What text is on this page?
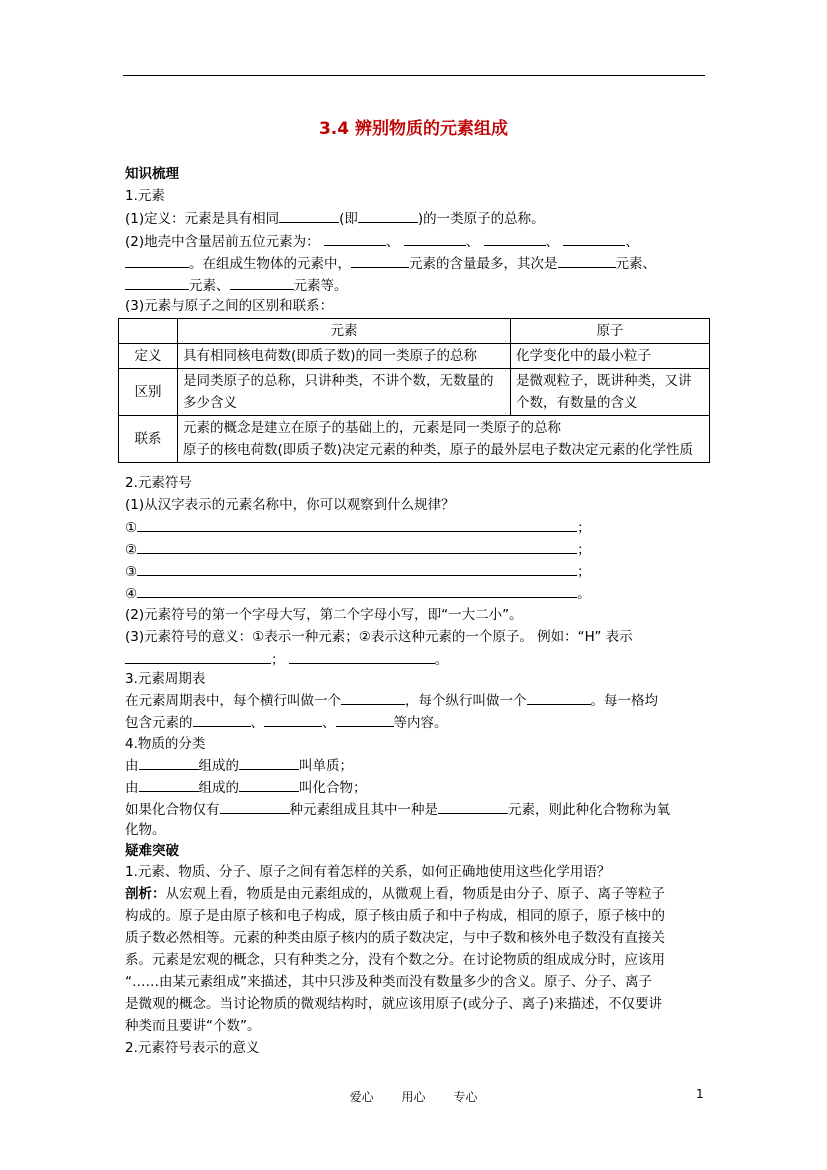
3.4 辨别物质的元素组成
知识梳理
1.元素
(1)定义：元素是具有相同	(即	)的一类原子的总称。
(2)地壳中含量居前五位元素为：	、	、	、	、
。在组成生物体的元素中，	元素的含量最多，其次是	元素、
元素、	元素等。
(3)元素与原子之间的区别和联系：
	元素	原子
定义	具有相同核电荷数(即质子数)的同一类原子的总称	化学变化中的最小粒子
区别	是同类原子的总称，只讲种类，不讲个数，无数量的多少含义	是微观粒子，既讲种类，又讲个数，有数量的含义
联系	元素的概念是建立在原子的基础上的，元素是同一类原子的总称
原子的核电荷数(即质子数)决定元素的种类，原子的最外层电子数决定元素的化学性质	
2.元素符号
(1)从汉字表示的元素名称中，你可以观察到什么规律？
①	；
②	；
③	；
④	。
(2)元素符号的第一个字母大写，第二个字母小写，即“一大二小”。
(3)元素符号的意义：①表示一种元素；②表示这种元素的一个原子。 例如：“H” 表示
；	。
3.元素周期表
在元素周期表中，每个横行叫做一个	，每个纵行叫做一个	。每一格均
包含元素的	、	、	等内容。
4.物质的分类
由	组成的	叫单质；
由	组成的	叫化合物；
如果化合物仅有	种元素组成且其中一种是	元素，则此种化合物称为氧
化物。
疑难突破
1.元素、物质、分子、原子之间有着怎样的关系，如何正确地使用这些化学用语？
剖析：从宏观上看，物质是由元素组成的，从微观上看，物质是由分子、原子、离子等粒子
构成的。原子是由原子核和电子构成，原子核由质子和中子构成，相同的原子，原子核中的
质子数必然相等。元素的种类由原子核内的质子数决定，与中子数和核外电子数没有直接关
系。元素是宏观的概念，只有种类之分，没有个数之分。在讨论物质的组成成分时，应该用
“……由某元素组成”来描述，其中只涉及种类而没有数量多少的含义。原子、分子、离子
是微观的概念。当讨论物质的微观结构时，就应该用原子(或分子、离子)来描述，不仅要讲
种类而且要讲“个数”。
2.元素符号表示的意义
爱心 用心 专心	1
